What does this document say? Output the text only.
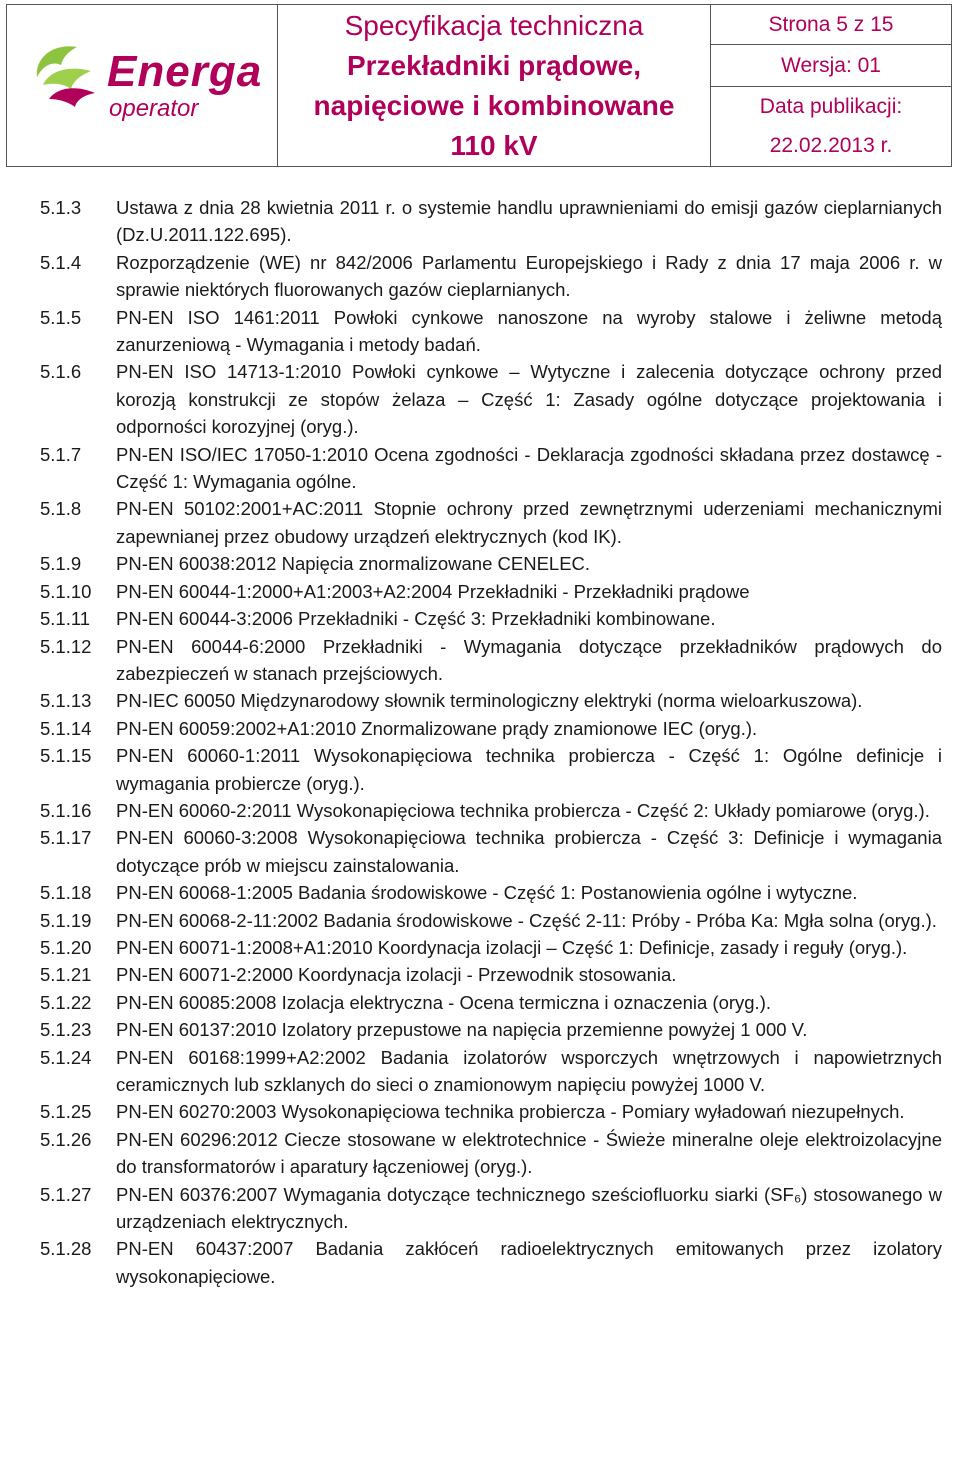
Energa
operator

Specyfikacja techniczna
Przekładniki prądowe,
napięciowe i kombinowane
110 kV
	Strona 5 z 15
Wersja: 01
Data publikacji:
22.02.2013 r.
5.1.3	Ustawa z dnia 28 kwietnia 2011 r. o systemie handlu uprawnieniami do emisji gazów cieplarnianych (Dz.U.2011.122.695).
5.1.4	Rozporządzenie (WE) nr 842/2006 Parlamentu Europejskiego i Rady z dnia 17 maja 2006 r. w sprawie niektórych fluorowanych gazów cieplarnianych.
5.1.5	PN-EN ISO 1461:2011 Powłoki cynkowe nanoszone na wyroby stalowe i żeliwne metodą zanurzeniową - Wymagania i metody badań.
5.1.6	PN-EN ISO 14713-1:2010 Powłoki cynkowe – Wytyczne i zalecenia dotyczące ochrony przed korozją konstrukcji ze stopów żelaza – Część 1: Zasady ogólne dotyczące projektowania i odporności korozyjnej (oryg.).
5.1.7	PN-EN ISO/IEC 17050-1:2010 Ocena zgodności - Deklaracja zgodności składana przez dostawcę - Część 1: Wymagania ogólne.
5.1.8	PN-EN 50102:2001+AC:2011 Stopnie ochrony przed zewnętrznymi uderzeniami mechanicznymi zapewnianej przez obudowy urządzeń elektrycznych (kod IK).
5.1.9	PN-EN 60038:2012 Napięcia znormalizowane CENELEC.
5.1.10	PN-EN 60044-1:2000+A1:2003+A2:2004 Przekładniki - Przekładniki prądowe
5.1.11	PN-EN 60044-3:2006 Przekładniki - Część 3: Przekładniki kombinowane.
5.1.12	PN-EN 60044-6:2000 Przekładniki - Wymagania dotyczące przekładników prądowych do zabezpieczeń w stanach przejściowych.
5.1.13	PN-IEC 60050 Międzynarodowy słownik terminologiczny elektryki (norma wieloarkuszowa).
5.1.14	PN-EN 60059:2002+A1:2010 Znormalizowane prądy znamionowe IEC (oryg.).
5.1.15	PN-EN 60060-1:2011 Wysokonapięciowa technika probiercza - Część 1: Ogólne definicje i wymagania probiercze (oryg.).
5.1.16	PN-EN 60060-2:2011 Wysokonapięciowa technika probiercza - Część 2: Układy pomiarowe (oryg.).
5.1.17	PN-EN 60060-3:2008 Wysokonapięciowa technika probiercza - Część 3: Definicje i wymagania dotyczące prób w miejscu zainstalowania.
5.1.18	PN-EN 60068-1:2005 Badania środowiskowe - Część 1: Postanowienia ogólne i wytyczne.
5.1.19	PN-EN 60068-2-11:2002 Badania środowiskowe - Część 2-11: Próby - Próba Ka: Mgła solna (oryg.).
5.1.20	PN-EN 60071-1:2008+A1:2010 Koordynacja izolacji – Część 1: Definicje, zasady i reguły (oryg.).
5.1.21	PN-EN 60071-2:2000 Koordynacja izolacji - Przewodnik stosowania.
5.1.22	PN-EN 60085:2008 Izolacja elektryczna - Ocena termiczna i oznaczenia (oryg.).
5.1.23	PN-EN 60137:2010 Izolatory przepustowe na napięcia przemienne powyżej 1 000 V.
5.1.24	PN-EN 60168:1999+A2:2002 Badania izolatorów wsporczych wnętrzowych i napowietrznych ceramicznych lub szklanych do sieci o znamionowym napięciu powyżej 1000 V.
5.1.25	PN-EN 60270:2003 Wysokonapięciowa technika probiercza - Pomiary wyładowań niezupełnych.
5.1.26	PN-EN 60296:2012 Ciecze stosowane w elektrotechnice - Świeże mineralne oleje elektroizolacyjne do transformatorów i aparatury łączeniowej (oryg.).
5.1.27	PN-EN 60376:2007 Wymagania dotyczące technicznego sześciofluorku siarki (SF₆) stosowanego w urządzeniach elektrycznych.
5.1.28	PN-EN 60437:2007 Badania zakłóceń radioelektrycznych emitowanych przez izolatory wysokonapięciowe.
